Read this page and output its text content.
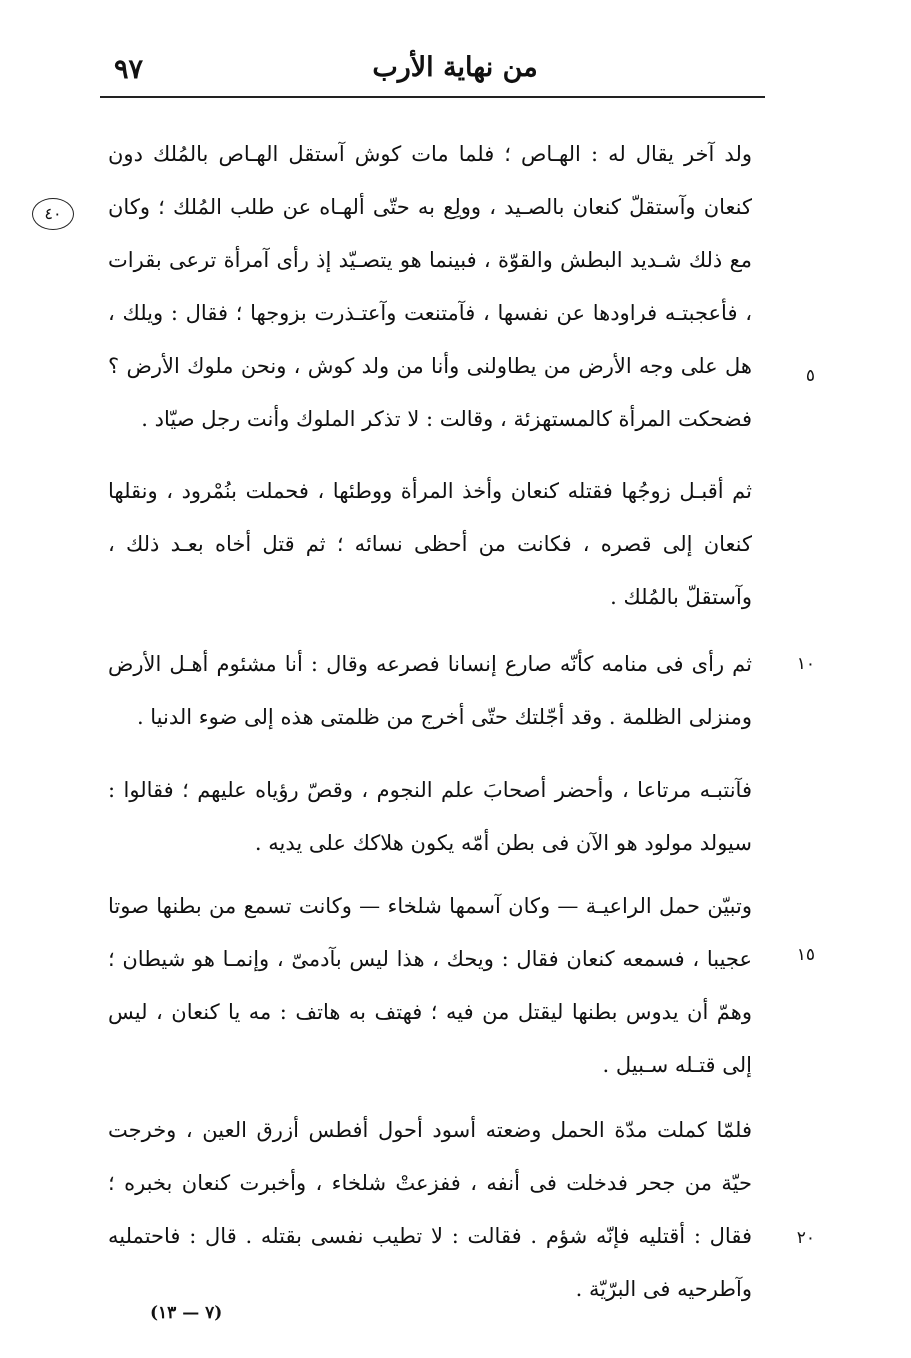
من نهاية الأرب
٩٧
٤٠

ولد آخر يقال له : الهـاص ؛ فلما مات كوش آستقل الهـاص بالمُلك دون كنعان وآستقلّ كنعان بالصـيد ، وولِع به حتّى ألهـاه عن طلب المُلك ؛ وكان مع ذلك شـديد البطش والقوّة ، فبينما هو يتصـيّد إذ رأى آمرأة ترعى بقرات ، فأعجبتـه فراودها عن نفسها ، فآمتنعت وآعتـذرت بزوجها ؛ فقال : ويلك ، هل على وجه الأرض من يطاولنى وأنا من ولد كوش ، ونحن ملوك الأرض ؟ فضحكت المرأة كالمستهزئة ، وقالت : لا تذكر الملوك وأنت رجل صيّاد .

ثم أقبـل زوجُها فقتله كنعان وأخذ المرأة ووطئها ، فحملت بنُمْرود ، ونقلها كنعان إلى قصره ، فكانت من أحظى نسائه ؛ ثم قتل أخاه بعـد ذلك ، وآستقلّ بالمُلك .

ثم رأى فى منامه كأنّه صارع إنسانا فصرعه وقال : أنا مشئوم أهـل الأرض ومنزلى الظلمة . وقد أجّلتك حتّى أخرج من ظلمتى هذه إلى ضوء الدنيا .

فآنتبـه مرتاعا ، وأحضر أصحابَ علم النجوم ، وقصّ رؤياه عليهم ؛ فقالوا : سيولد مولود هو الآن فى بطن أمّه يكون هلاكك على يديه .

وتبيّن حمل الراعيـة — وكان آسمها شلخاء — وكانت تسمع من بطنها صوتا عجيبا ، فسمعه كنعان فقال : ويحك ، هذا ليس بآدمىّ ، وإنمـا هو شيطان ؛ وهمّ أن يدوس بطنها ليقتل من فيه ؛ فهتف به هاتف : مه يا كنعان ، ليس إلى قتـله سـبيل .

فلمّا كملت مدّة الحمل وضعته أسود أحول أفطس أزرق العين ، وخرجت حيّة من جحر فدخلت فى أنفه ، ففزعتْ شلخاء ، وأخبرت كنعان بخبره ؛ فقال : أقتليه فإنّه شؤم . فقالت : لا تطيب نفسى بقتله . قال : فاحتمليه وآطرحيه فى البرّيّة .

٥
١٠
١٥
٢٠
(٧ — ١٣)
